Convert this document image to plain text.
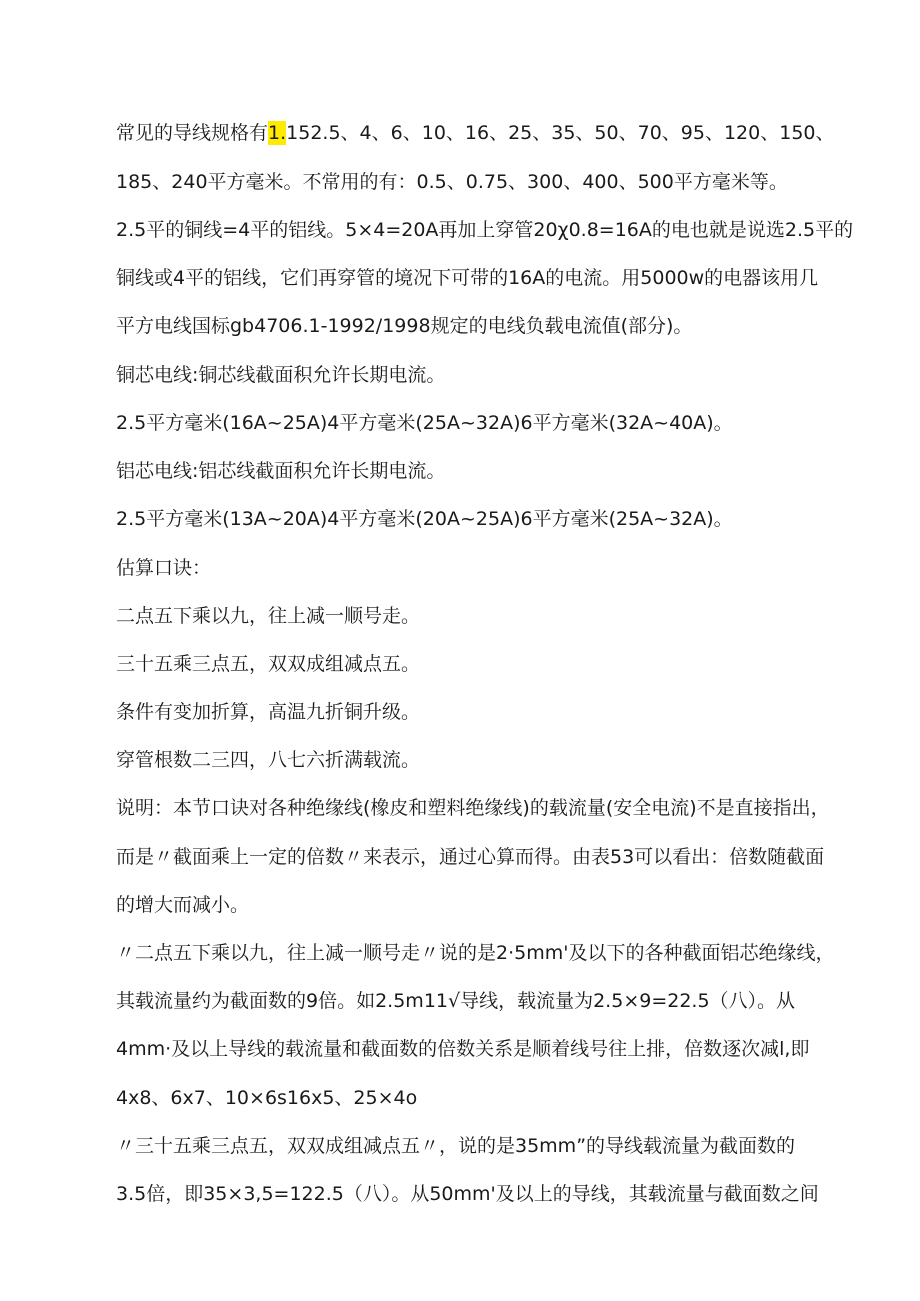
常见的导线规格有1.152.5、4、6、10、16、25、35、50、70、95、120、150、
185、240平方毫米。不常用的有：0.5、0.75、300、400、500平方毫米等。
2.5平的铜线=4平的铝线。5×4=20A再加上穿管20χ0.8=16A的电也就是说选2.5平的
铜线或4平的铝线，它们再穿管的境况下可带的16A的电流。用5000w的电器该用几
平方电线国标gb4706.1-1992/1998规定的电线负载电流值(部分)。
铜芯电线:铜芯线截面积允许长期电流。
2.5平方毫米(16A~25A)4平方毫米(25A~32A)6平方毫米(32A~40A)。
铝芯电线:铝芯线截面积允许长期电流。
2.5平方毫米(13A~20A)4平方毫米(20A~25A)6平方毫米(25A~32A)。
估算口诀：
二点五下乘以九，往上减一顺号走。
三十五乘三点五，双双成组减点五。
条件有变加折算，高温九折铜升级。
穿管根数二三四，八七六折满载流。
说明：本节口诀对各种绝缘线(橡皮和塑料绝缘线)的载流量(安全电流)不是直接指出，
而是〃截面乘上一定的倍数〃来表示，通过心算而得。由表53可以看出：倍数随截面
的增大而减小。
〃二点五下乘以九，往上减一顺号走〃说的是2·5mm'及以下的各种截面铝芯绝缘线，
其载流量约为截面数的9倍。如2.5m11√导线，载流量为2.5×9=22.5（八）。从
4mm·及以上导线的载流量和截面数的倍数关系是顺着线号往上排，倍数逐次减l,即
4x8、6x7、10×6s16x5、25×4o
〃三十五乘三点五，双双成组减点五〃，说的是35mm”的导线载流量为截面数的
3.5倍，即35×3,5=122.5（八）。从50mm'及以上的导线，其载流量与截面数之间
